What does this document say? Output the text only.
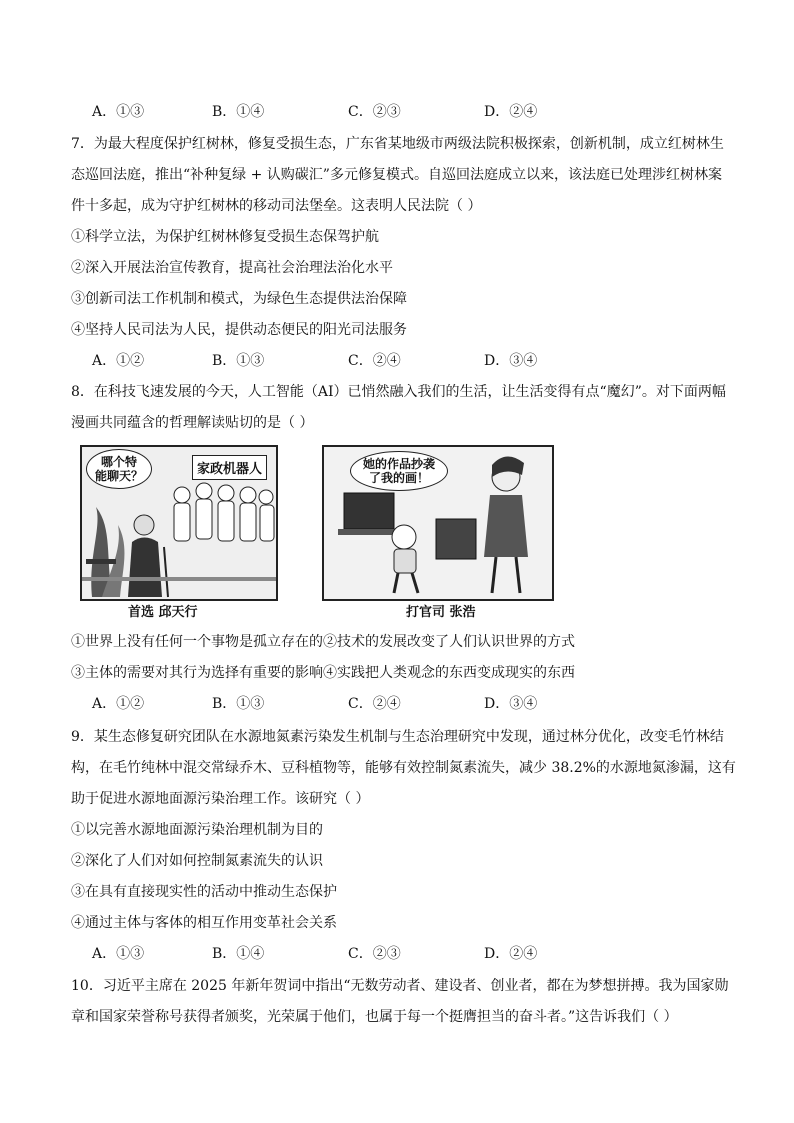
A．①③	B．①④	C．②③	D．②④
7．为最大程度保护红树林，修复受损生态，广东省某地级市两级法院积极探索，创新机制，成立红树林生
态巡回法庭，推出“补种复绿 + 认购碳汇”多元修复模式。自巡回法庭成立以来，该法庭已处理涉红树林案
件十多起，成为守护红树林的移动司法堡垒。这表明人民法院（ ）
①科学立法，为保护红树林修复受损生态保驾护航
②深入开展法治宣传教育，提高社会治理法治化水平
③创新司法工作机制和模式，为绿色生态提供法治保障
④坚持人民司法为人民，提供动态便民的阳光司法服务
A．①②	B．①③	C．②④	D．③④
8．在科技飞速发展的今天，人工智能（AI）已悄然融入我们的生活，让生活变得有点“魔幻”。对下面两幅
漫画共同蕴含的哲理解读贴切的是（ ）
哪个特
能聊天？	家政机器人
首选 邱天行
她的作品抄袭
了我的画！
打官司 张浩
①世界上没有任何一个事物是孤立存在的②技术的发展改变了人们认识世界的方式
③主体的需要对其行为选择有重要的影响④实践把人类观念的东西变成现实的东西
A．①②	B．①③	C．②④	D．③④
9．某生态修复研究团队在水源地氮素污染发生机制与生态治理研究中发现，通过林分优化，改变毛竹林结
构，在毛竹纯林中混交常绿乔木、豆科植物等，能够有效控制氮素流失，减少 38.2%的水源地氮渗漏，这有
助于促进水源地面源污染治理工作。该研究（ ）
①以完善水源地面源污染治理机制为目的
②深化了人们对如何控制氮素流失的认识
③在具有直接现实性的活动中推动生态保护
④通过主体与客体的相互作用变革社会关系
A．①③	B．①④	C．②③	D．②④
10．习近平主席在 2025 年新年贺词中指出“无数劳动者、建设者、创业者，都在为梦想拼搏。我为国家勋
章和国家荣誉称号获得者颁奖，光荣属于他们，也属于每一个挺膺担当的奋斗者。”这告诉我们（ ）
